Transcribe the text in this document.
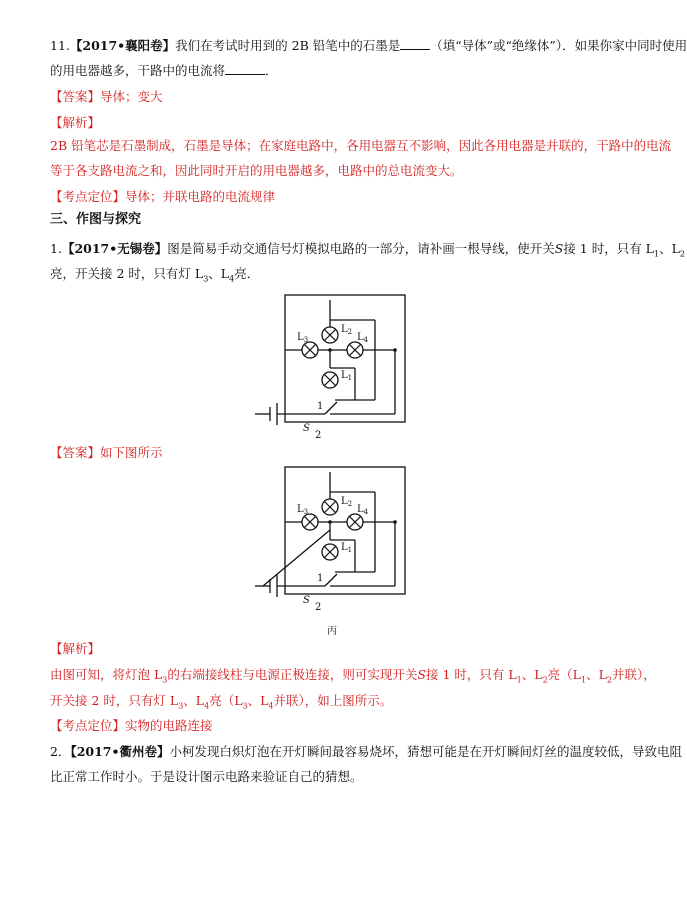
11.【2017•襄阳卷】我们在考试时用到的 2B 铅笔中的石墨是 （填“导体”或“绝缘体”）．如果你家中同时使用
的用电器越多，干路中的电流将	．
【答案】导体；变大
【解析】
2B 铅笔芯是石墨制成，石墨是导体；在家庭电路中，各用电器互不影响，因此各用电器是并联的，干路中的电流
等于各支路电流之和，因此同时开启的用电器越多，电路中的总电流变大。
【考点定位】导体；并联电路的电流规律
三、作图与探究
1.【2017•无锡卷】图是简易手动交通信号灯模拟电路的一部分，请补画一根导线，使开关S接 1 时，只有 $L_1$、$L_2$
亮，开关接 2 时，只有灯 $L_3$、$L_4$亮．
$L_2$
$L_3$	$L_4$
$L_1$
1
S
2
【答案】如下图所示
$L_2$
$L_3$	$L_4$
$L_1$
1
S
2
丙
【解析】
由图可知，将灯泡 $L_3$的右端接线柱与电源正极连接，则可实现开关S接 1 时，只有 $L_1$、$L_2$亮（$L_1$、$L_2$并联），
开关接 2 时，只有灯 $L_3$、$L_4$亮（$L_3$、$L_4$并联），如上图所示。
【考点定位】实物的电路连接
2．【2017•衢州卷】小柯发现白炽灯泡在开灯瞬间最容易烧坏，猜想可能是在开灯瞬间灯丝的温度较低，导致电阻
比正常工作时小。于是设计图示电路来验证自己的猜想。
